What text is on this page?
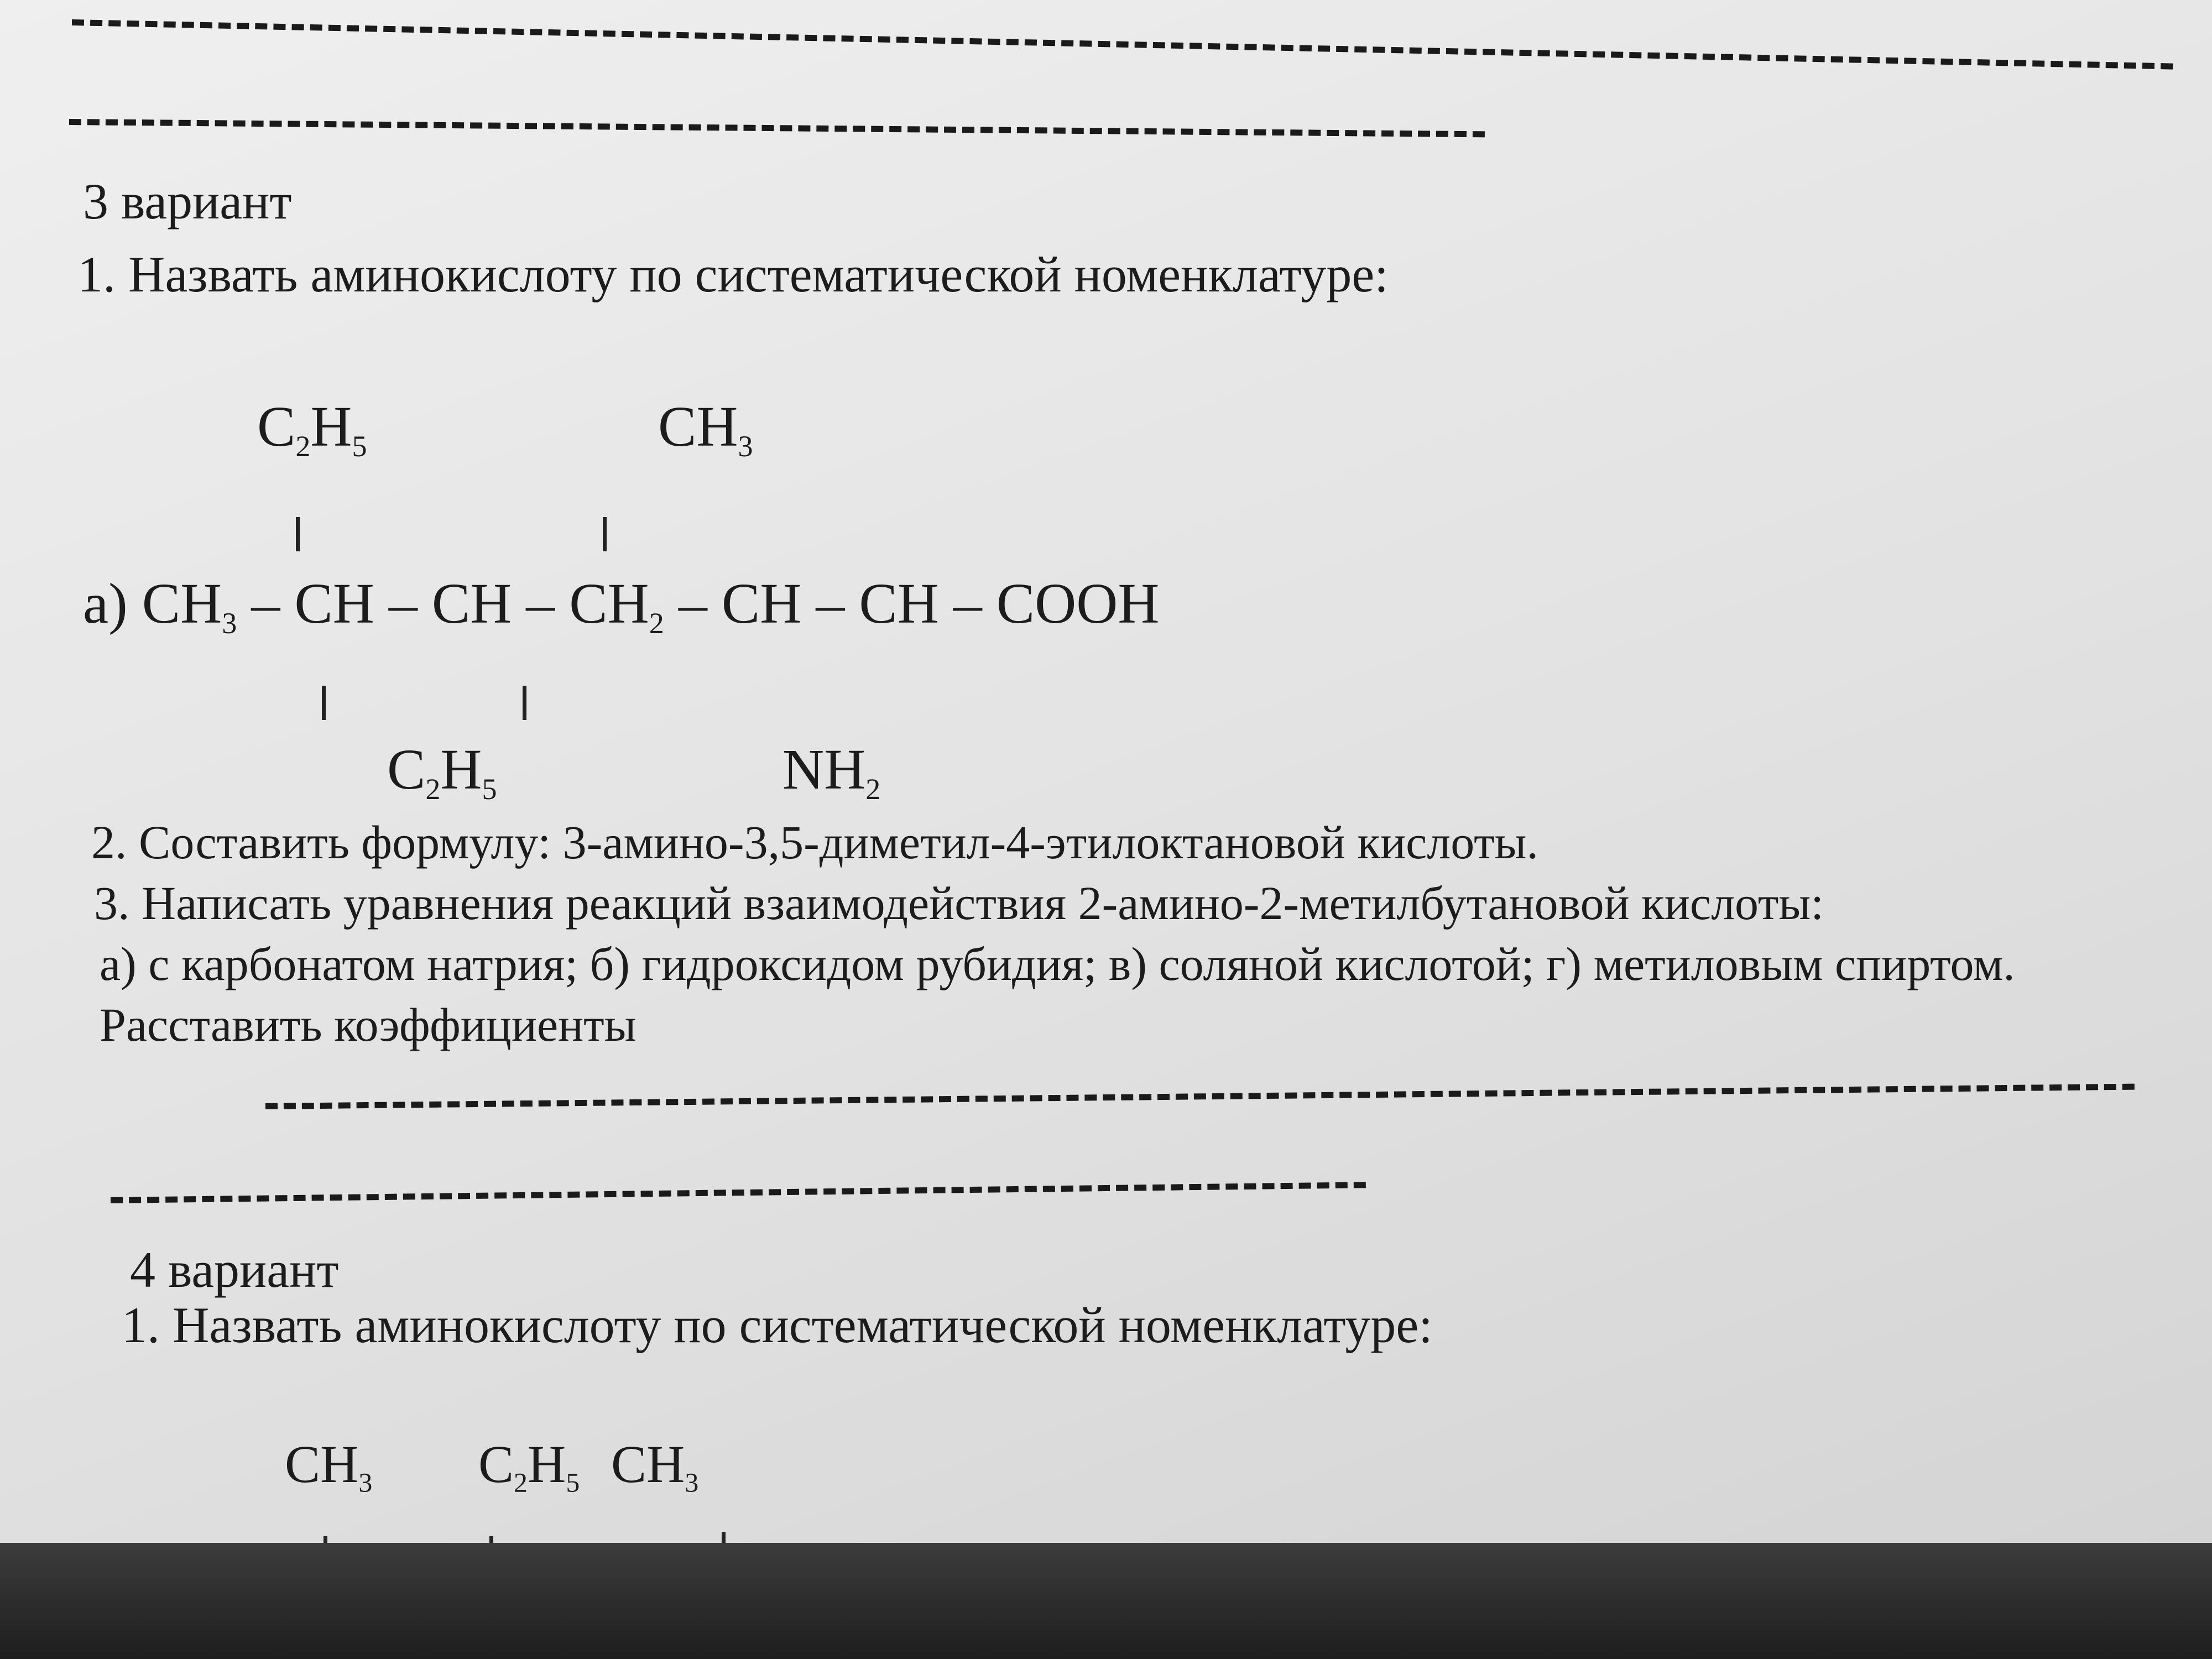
3 вариант
1. Назвать аминокислоту по систематической номенклатуре:
$C_2H_5$	$CH_3$
а) $CH_3$ – CH – CH – $CH_2$ – CH – CH – COOH
$C_2H_5$	$NH_2$
2. Составить формулу: 3-амино-3,5-диметил-4-этилоктановой кислоты.
3. Написать уравнения реакций взаимодействия 2-амино-2-метилбутановой кислоты:
а) с карбонатом натрия; б) гидроксидом рубидия; в) соляной кислотой; г) метиловым спиртом.
Расставить коэффициенты
4 вариант
1. Назвать аминокислоту по систематической номенклатуре:
$CH_3$ $C_2H_5$ $CH_3$
